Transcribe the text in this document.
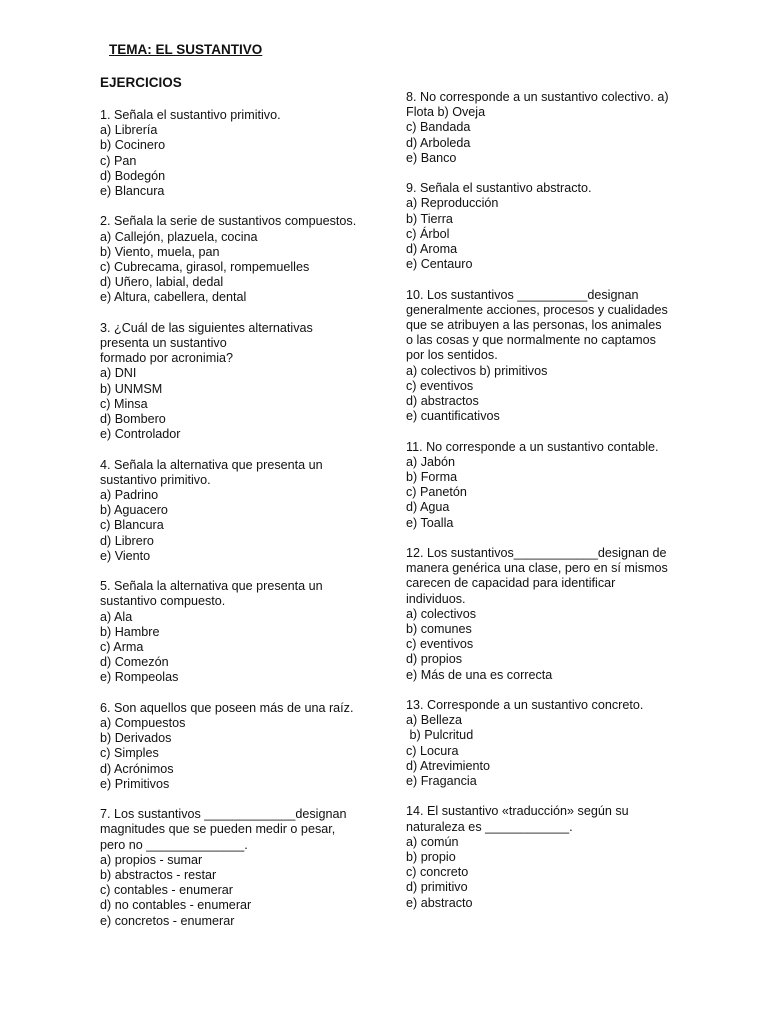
TEMA: EL SUSTANTIVO
EJERCICIOS
1. Señala el sustantivo primitivo.
a) Librería
b) Cocinero
c) Pan
d) Bodegón
e) Blancura
2. Señala la serie de sustantivos compuestos.
a) Callejón, plazuela, cocina
b) Viento, muela, pan
c) Cubrecama, girasol, rompemuelles
d) Uñero, labial, dedal
e) Altura, cabellera, dental
3. ¿Cuál de las siguientes alternativas
presenta un sustantivo
formado por acronimia?
a) DNI
b) UNMSM
c) Minsa
d) Bombero
e) Controlador
4. Señala la alternativa que presenta un
sustantivo primitivo.
a) Padrino
b) Aguacero
c) Blancura
d) Librero
e) Viento
5. Señala la alternativa que presenta un
sustantivo compuesto.
a) Ala
b) Hambre
c) Arma
d) Comezón
e) Rompeolas
6. Son aquellos que poseen más de una raíz.
a) Compuestos
b) Derivados
c) Simples
d) Acrónimos
e) Primitivos
7. Los sustantivos _____________designan
magnitudes que se pueden medir o pesar,
pero no ______________.
a) propios - sumar
b) abstractos - restar
c) contables - enumerar
d) no contables - enumerar
e) concretos - enumerar
8. No corresponde a un sustantivo colectivo. a)
Flota b) Oveja
c) Bandada
d) Arboleda
e) Banco
9. Señala el sustantivo abstracto.
a) Reproducción
b) Tierra
c) Árbol
d) Aroma
e) Centauro
10. Los sustantivos __________designan
generalmente acciones, procesos y cualidades
que se atribuyen a las personas, los animales
o las cosas y que normalmente no captamos
por los sentidos.
a) colectivos b) primitivos
c) eventivos
d) abstractos
e) cuantificativos
11. No corresponde a un sustantivo contable.
a) Jabón
b) Forma
c) Panetón
d) Agua
e) Toalla
12. Los sustantivos____________designan de
manera genérica una clase, pero en sí mismos
carecen de capacidad para identificar
individuos.
a) colectivos
b) comunes
c) eventivos
d) propios
e) Más de una es correcta
13. Corresponde a un sustantivo concreto.
a) Belleza
b) Pulcritud
c) Locura
d) Atrevimiento
e) Fragancia
14. El sustantivo «traducción» según su
naturaleza es ____________.
a) común
b) propio
c) concreto
d) primitivo
e) abstracto
